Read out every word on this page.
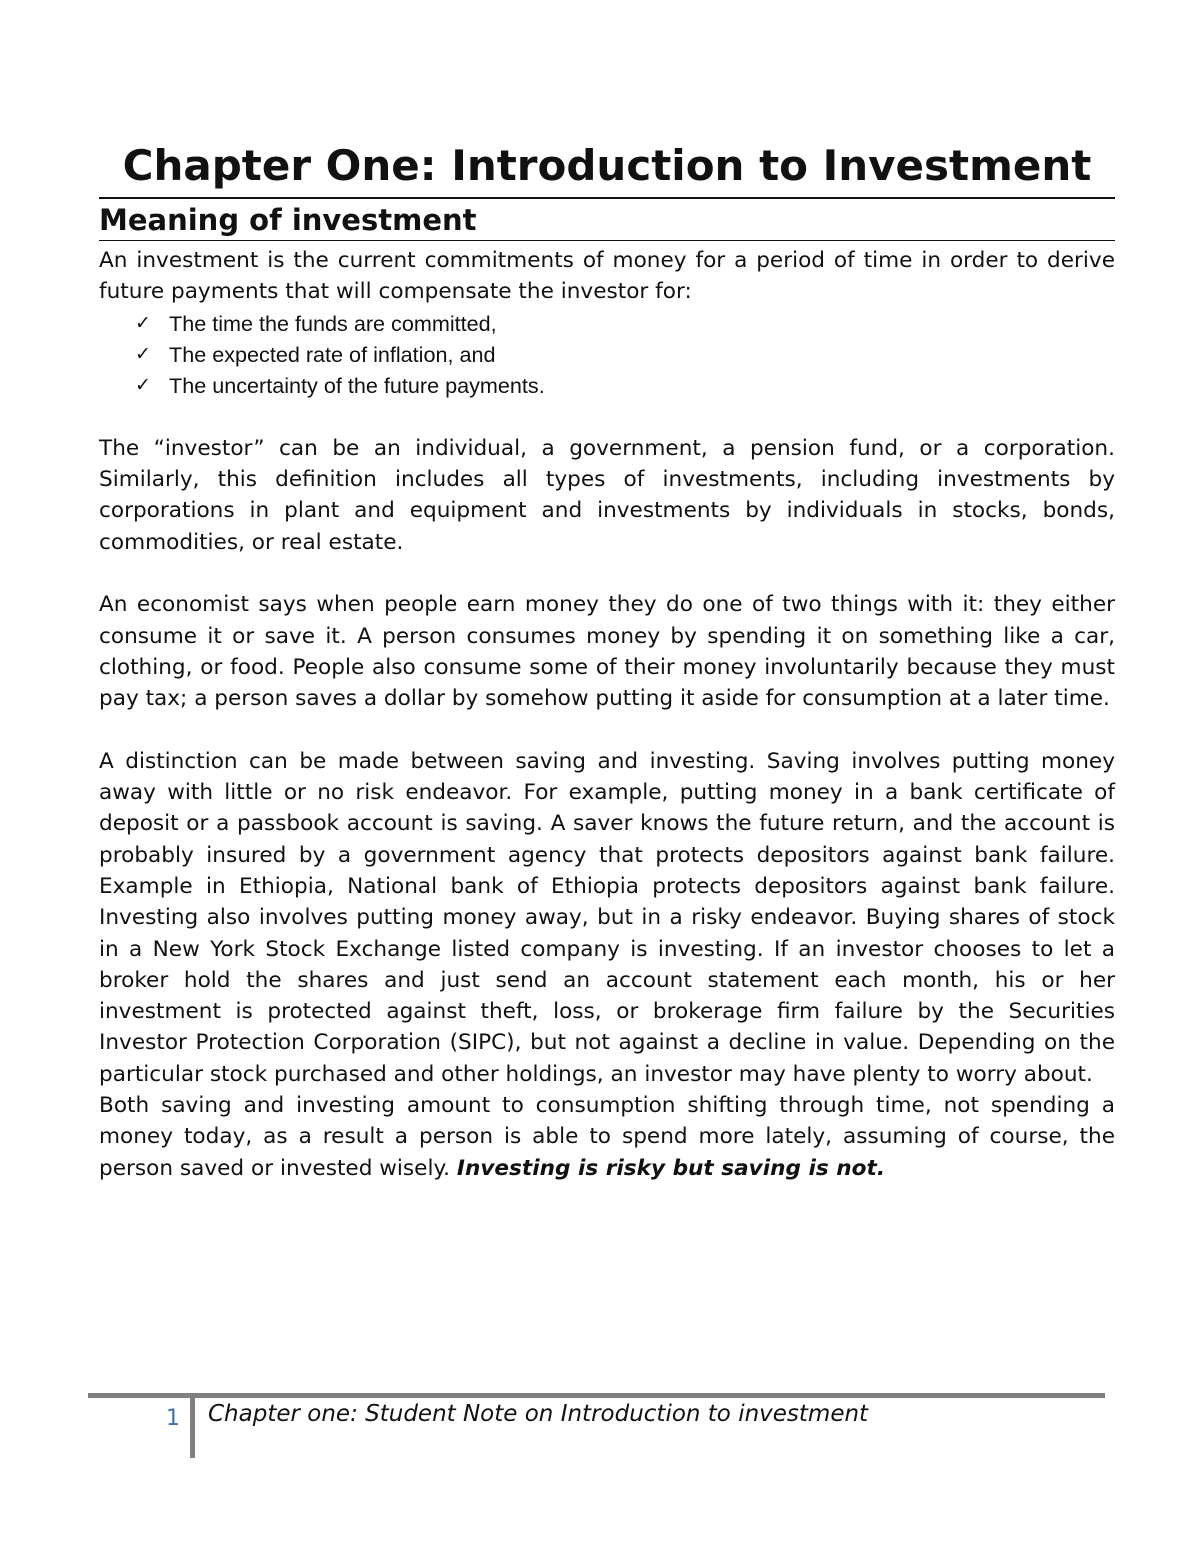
Chapter One: Introduction to Investment
Meaning of investment

An investment is the current commitments of money for a period of time in order to derive future payments that will compensate the investor for:

✓ The time the funds are committed,
✓ The expected rate of inflation, and
✓ The uncertainty of the future payments.

The “investor” can be an individual, a government, a pension fund, or a corporation. Similarly, this definition includes all types of investments, including investments by corporations in plant and equipment and investments by individuals in stocks, bonds, commodities, or real estate.

An economist says when people earn money they do one of two things with it: they either consume it or save it. A person consumes money by spending it on something like a car, clothing, or food. People also consume some of their money involuntarily because they must pay tax; a person saves a dollar by somehow putting it aside for consumption at a later time.

A distinction can be made between saving and investing. Saving involves putting money away with little or no risk endeavor. For example, putting money in a bank certificate of deposit or a passbook account is saving. A saver knows the future return, and the account is probably insured by a government agency that protects depositors against bank failure. Example in Ethiopia, National bank of Ethiopia protects depositors against bank failure. Investing also involves putting money away, but in a risky endeavor. Buying shares of stock in a New York Stock Exchange listed company is investing. If an investor chooses to let a broker hold the shares and just send an account statement each month, his or her investment is protected against theft, loss, or brokerage firm failure by the Securities Investor Protection Corporation (SIPC), but not against a decline in value. Depending on the particular stock purchased and other holdings, an investor may have plenty to worry about.

Both saving and investing amount to consumption shifting through time, not spending a money today, as a result a person is able to spend more lately, assuming of course, the person saved or invested wisely. Investing is risky but saving is not.

1 Chapter one: Student Note on Introduction to investment
